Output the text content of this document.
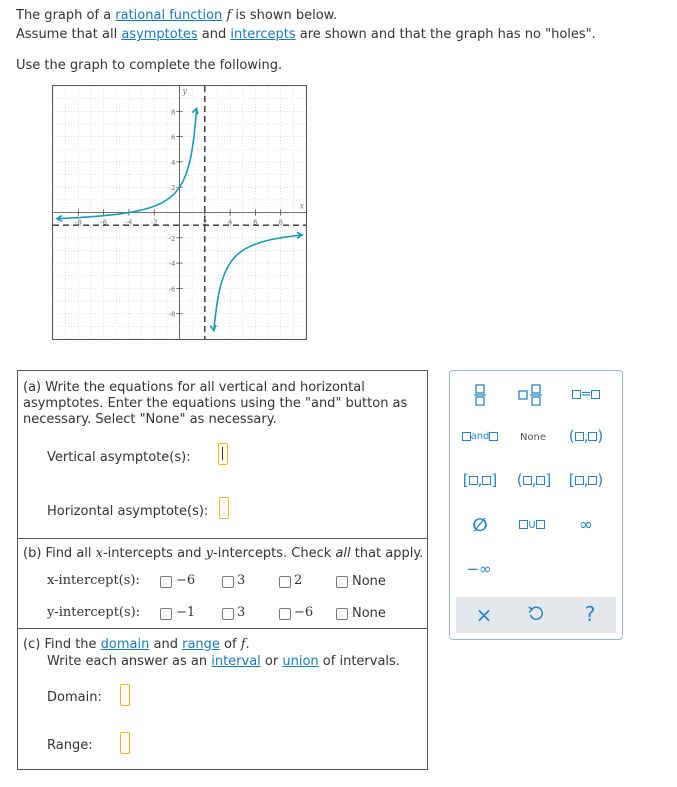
The graph of a rational function f is shown below.
Assume that all asymptotes and intercepts are shown and that the graph has no "holes".
Use the graph to complete the following.
-8	-6	-4	-2	2	4	6	8
8
6
4
2
-2
-4
-6
-8
x
y
(a) Write the equations for all vertical and horizontal asymptotes. Enter the equations using the "and" button as necessary. Select "None" as necessary.
Vertical asymptote(s):
Horizontal asymptote(s):
(b) Find all x-intercepts and y-intercepts. Check all that apply.
x-intercept(s):	−6	3	2	None
y-intercept(s):	−1	3	−6	None
(c) Find the domain and range of f.
Write each answer as an interval or union of intervals.
Domain:
Range:
=
and	None	( , )
[ , ]	( , ]	[ , )
∅	∪	∞
−∞
×	?
